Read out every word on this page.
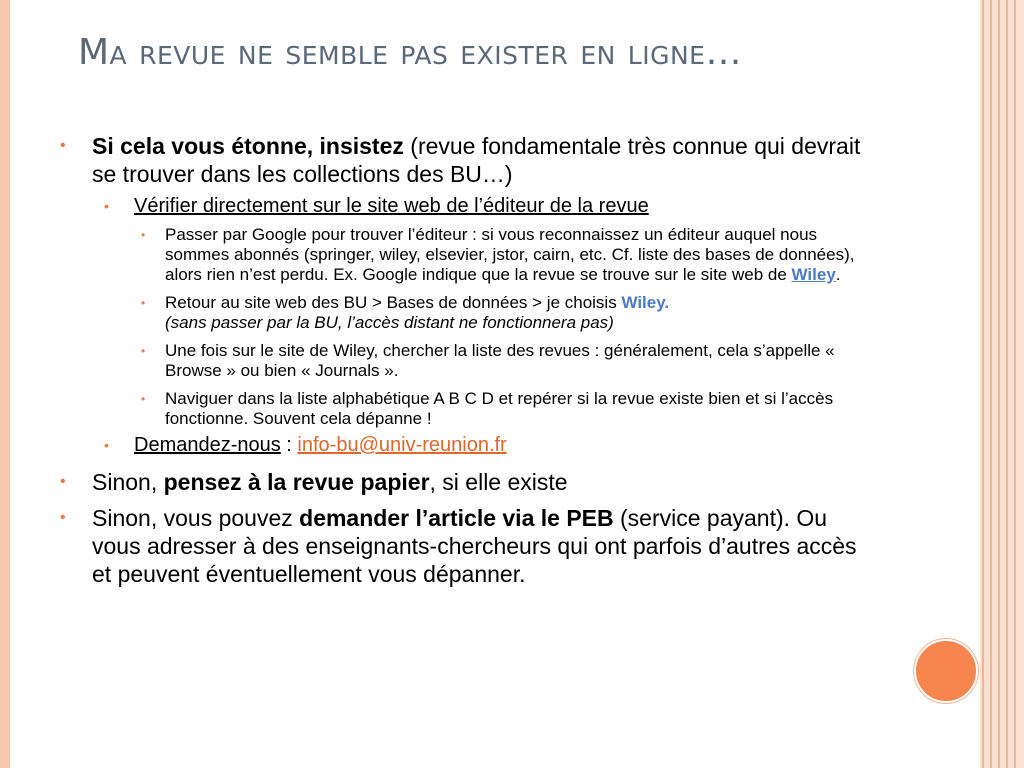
Ma revue ne semble pas exister en ligne…
• Si cela vous étonne, insistez (revue fondamentale très connue qui devrait se trouver dans les collections des BU…)
• Vérifier directement sur le site web de l’éditeur de la revue
• Passer par Google pour trouver l’éditeur : si vous reconnaissez un éditeur auquel nous sommes abonnés (springer, wiley, elsevier, jstor, cairn, etc. Cf. liste des bases de données), alors rien n’est perdu. Ex. Google indique que la revue se trouve sur le site web de Wiley.
• Retour au site web des BU > Bases de données > je choisis Wiley.
(sans passer par la BU, l’accès distant ne fonctionnera pas)
• Une fois sur le site de Wiley, chercher la liste des revues : généralement, cela s’appelle « Browse » ou bien « Journals ».
• Naviguer dans la liste alphabétique A B C D et repérer si la revue existe bien et si l’accès fonctionne. Souvent cela dépanne !
• Demandez-nous : info-bu@univ-reunion.fr
• Sinon, pensez à la revue papier, si elle existe
• Sinon, vous pouvez demander l’article via le PEB (service payant). Ou vous adresser à des enseignants-chercheurs qui ont parfois d’autres accès et peuvent éventuellement vous dépanner.
